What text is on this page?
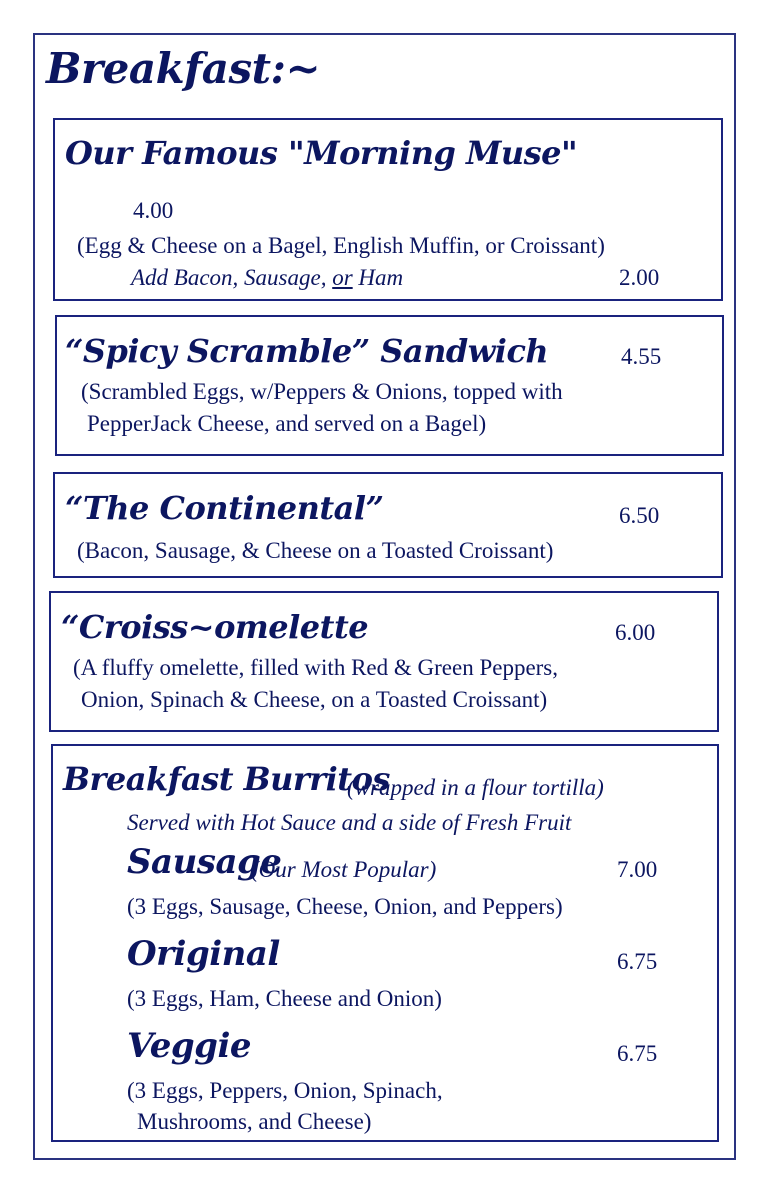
Breakfast:~
Our Famous "Morning Muse"
4.00
(Egg & Cheese on a Bagel, English Muffin, or Croissant)
Add Bacon, Sausage, or Ham	2.00
“Spicy Scramble” Sandwich	4.55
(Scrambled Eggs, w/Peppers & Onions, topped with
PepperJack Cheese, and served on a Bagel)
“The Continental”	6.50
(Bacon, Sausage, & Cheese on a Toasted Croissant)
“Croiss~omelette	6.00
(A fluffy omelette, filled with Red & Green Peppers,
Onion, Spinach & Cheese, on a Toasted Croissant)
Breakfast Burritos
(wrapped in a flour tortilla)
Served with Hot Sauce and a side of Fresh Fruit
Sausage
(Our Most Popular)	7.00
(3 Eggs, Sausage, Cheese, Onion, and Peppers)
Original	6.75
(3 Eggs, Ham, Cheese and Onion)
Veggie	6.75
(3 Eggs, Peppers, Onion, Spinach,
Mushrooms, and Cheese)
